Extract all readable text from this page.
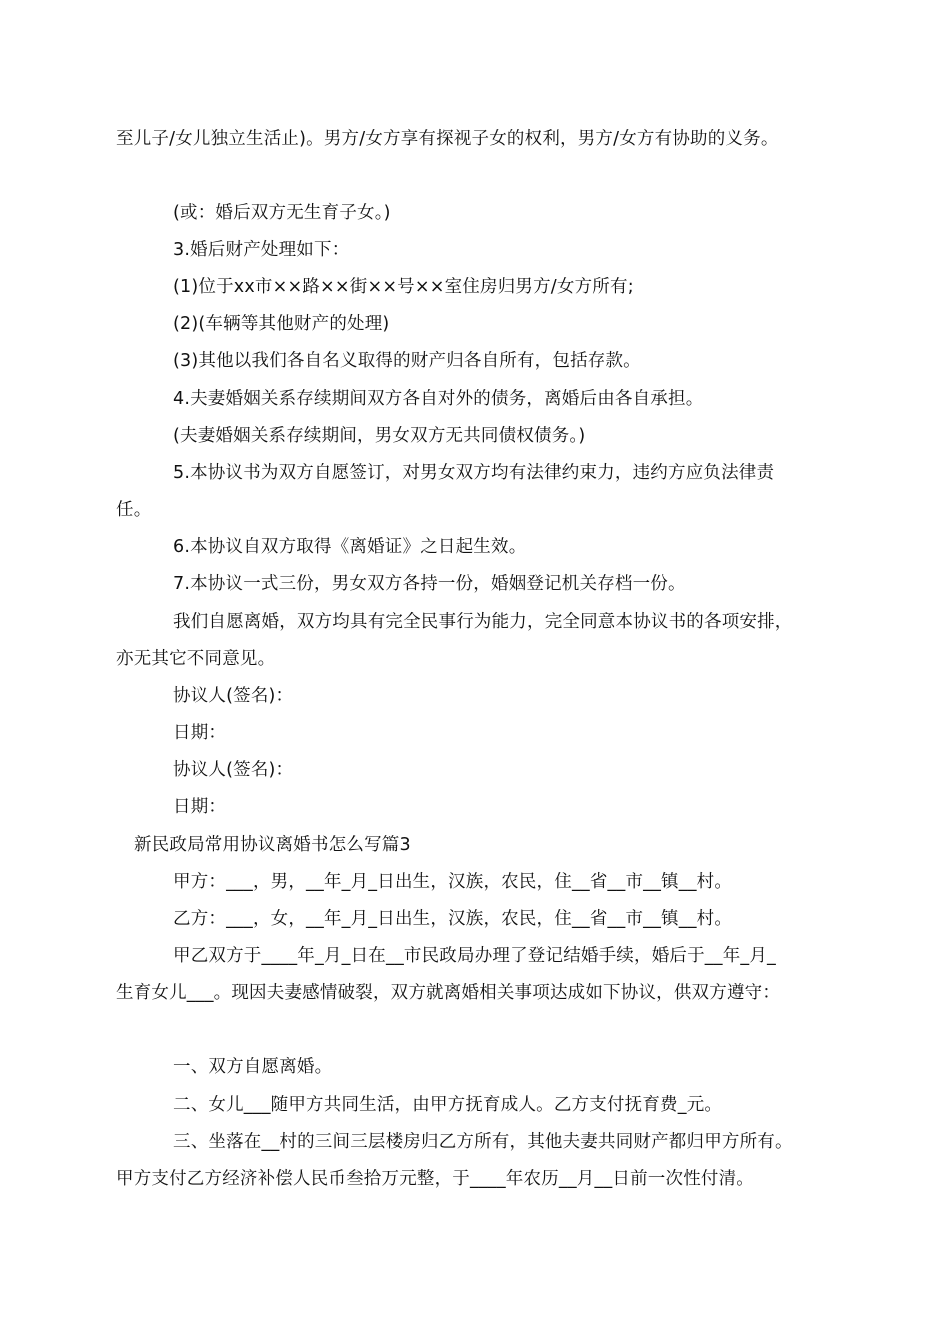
至儿子/女儿独立生活止)。男方/女方享有探视子女的权利，男方/女方有协助的义务。
(或：婚后双方无生育子女。)
3.婚后财产处理如下：
(1)位于xx市××路××街××号××室住房归男方/女方所有;
(2)(车辆等其他财产的处理)
(3)其他以我们各自名义取得的财产归各自所有，包括存款。
4.夫妻婚姻关系存续期间双方各自对外的债务，离婚后由各自承担。
(夫妻婚姻关系存续期间，男女双方无共同债权债务。)
5.本协议书为双方自愿签订，对男女双方均有法律约束力，违约方应负法律责
任。
6.本协议自双方取得《离婚证》之日起生效。
7.本协议一式三份，男女双方各持一份，婚姻登记机关存档一份。
我们自愿离婚，双方均具有完全民事行为能力，完全同意本协议书的各项安排，
亦无其它不同意见。
协议人(签名)：
日期：
协议人(签名)：
日期：
新民政局常用协议离婚书怎么写篇3
甲方：___，男，__年_月_日出生，汉族，农民，住__省__市__镇__村。
乙方：___，女，__年_月_日出生，汉族，农民，住__省__市__镇__村。
甲乙双方于____年_月_日在__市民政局办理了登记结婚手续，婚后于__年_月_
生育女儿___。现因夫妻感情破裂，双方就离婚相关事项达成如下协议，供双方遵守：
一、双方自愿离婚。
二、女儿___随甲方共同生活，由甲方抚育成人。乙方支付抚育费_元。
三、坐落在__村的三间三层楼房归乙方所有，其他夫妻共同财产都归甲方所有。
甲方支付乙方经济补偿人民币叁拾万元整，于____年农历__月__日前一次性付清。
